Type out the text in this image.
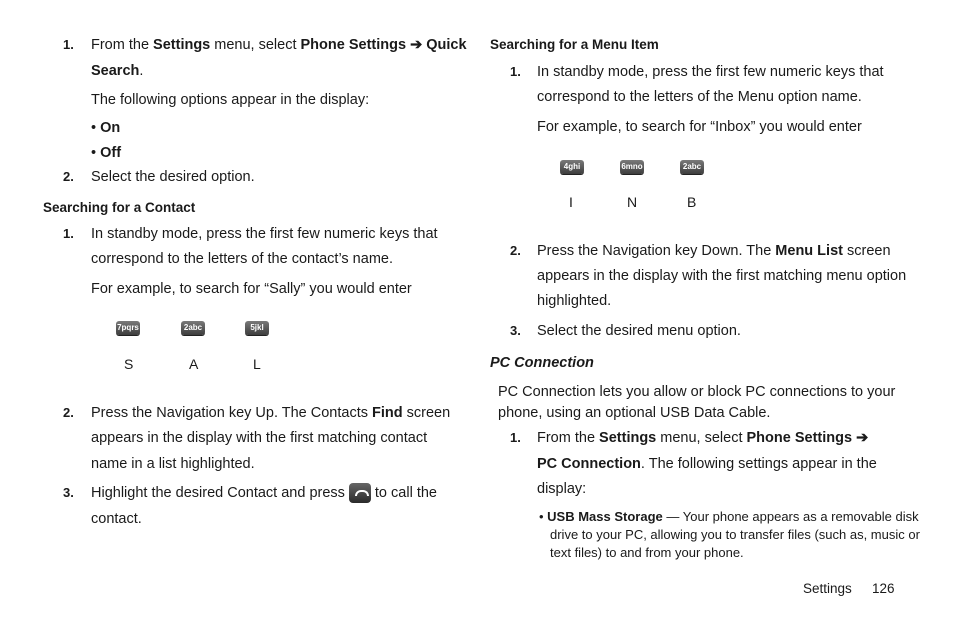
1. From the Settings menu, select Phone Settings ➔ Quick
Search.
The following options appear in the display:
• On
• Off
2. Select the desired option.
Searching for a Contact
1. In standby mode, press the first few numeric keys that
correspond to the letters of the contact’s name.
For example, to search for “Sally” you would enter
7pqrs	2abc	5jkl
S	A	L
2. Press the Navigation key Up. The Contacts Find screen
appears in the display with the first matching contact
name in a list highlighted.
3. Highlight the desired Contact and press to call the
contact.
Searching for a Menu Item
1. In standby mode, press the first few numeric keys that
correspond to the letters of the Menu option name.
For example, to search for “Inbox” you would enter
4ghi	6mno	2abc
I	N	B
2. Press the Navigation key Down. The Menu List screen
appears in the display with the first matching menu option
highlighted.
3. Select the desired menu option.
PC Connection
PC Connection lets you allow or block PC connections to your
phone, using an optional USB Data Cable.
1. From the Settings menu, select Phone Settings ➔
PC Connection. The following settings appear in the
display:
• USB Mass Storage — Your phone appears as a removable disk
drive to your PC, allowing you to transfer files (such as, music or
text files) to and from your phone.
Settings 126
